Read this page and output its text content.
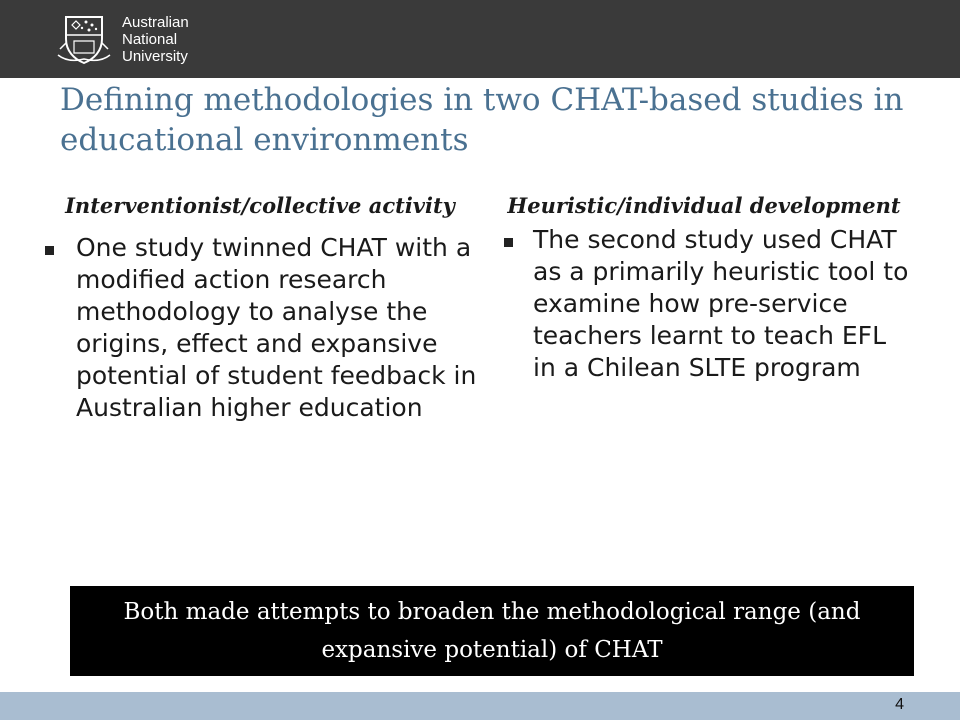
Australian
National
University
Defining methodologies in two CHAT-based studies in educational environments
Interventionist/collective activity

One study twinned CHAT with a modified action research methodology to analyse the origins, effect and expansive potential of student feedback in Australian higher education

Heuristic/individual development

The second study used CHAT as a primarily heuristic tool to examine how pre-service teachers learnt to teach EFL in a Chilean SLTE program

Both made attempts to broaden the methodological range (and expansive potential) of CHAT

4
